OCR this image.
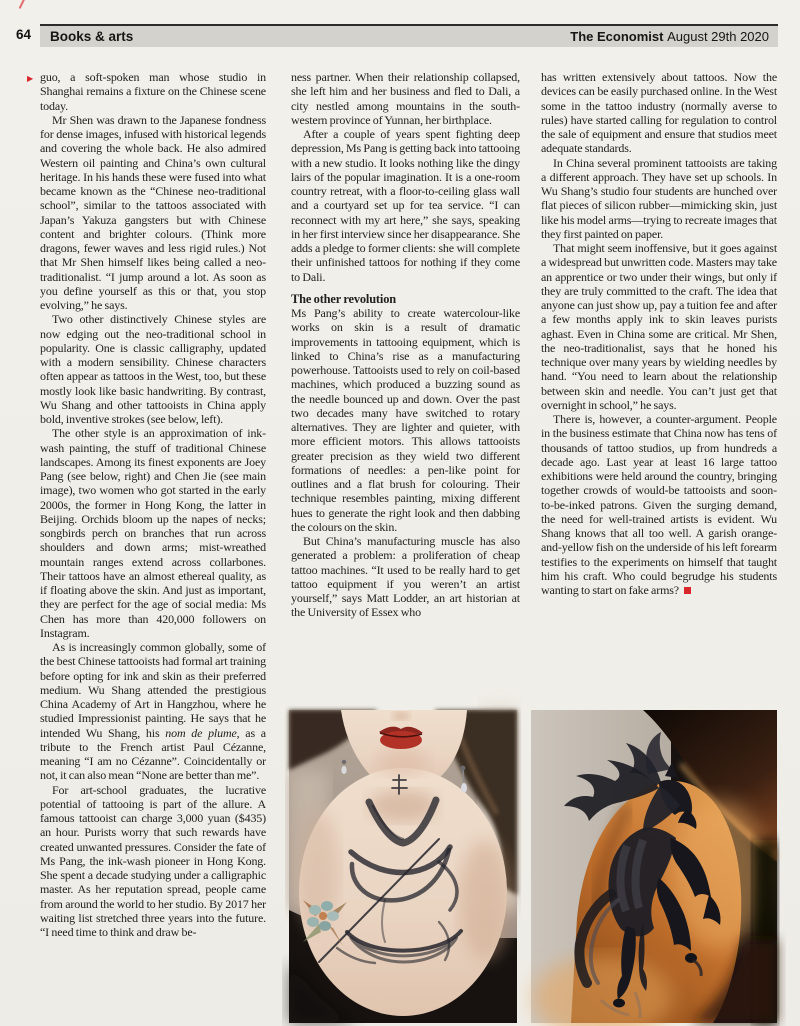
64 Books & arts	The Economist August 29th 2020

▶ guo, a soft-spoken man whose studio in Shanghai remains a fixture on the Chinese scene today.

Mr Shen was drawn to the Japanese fondness for dense images, infused with historical legends and covering the whole back. He also admired Western oil painting and China’s own cultural heritage. In his hands these were fused into what became known as the “Chinese neo-traditional school”, similar to the tattoos associated with Japan’s Yakuza gangsters but with Chinese content and brighter colours. (Think more dragons, fewer waves and less rigid rules.) Not that Mr Shen himself likes being called a neo-traditionalist. “I jump around a lot. As soon as you define yourself as this or that, you stop evolving,” he says.

Two other distinctively Chinese styles are now edging out the neo-traditional school in popularity. One is classic calligraphy, updated with a modern sensibility. Chinese characters often appear as tattoos in the West, too, but these mostly look like basic handwriting. By contrast, Wu Shang and other tattooists in China apply bold, inventive strokes (see below, left).

The other style is an approximation of ink-wash painting, the stuff of traditional Chinese landscapes. Among its finest exponents are Joey Pang (see below, right) and Chen Jie (see main image), two women who got started in the early 2000s, the former in Hong Kong, the latter in Beijing. Orchids bloom up the napes of necks; songbirds perch on branches that run across shoulders and down arms; mist-wreathed mountain ranges extend across collarbones. Their tattoos have an almost ethereal quality, as if floating above the skin. And just as important, they are perfect for the age of social media: Ms Chen has more than 420,000 followers on Instagram.

As is increasingly common globally, some of the best Chinese tattooists had formal art training before opting for ink and skin as their preferred medium. Wu Shang attended the prestigious China Academy of Art in Hangzhou, where he studied Impressionist painting. He says that he intended Wu Shang, his nom de plume, as a tribute to the French artist Paul Cézanne, meaning “I am no Cézanne”. Coincidentally or not, it can also mean “None are better than me”.

For art-school graduates, the lucrative potential of tattooing is part of the allure. A famous tattooist can charge 3,000 yuan ($435) an hour. Purists worry that such rewards have created unwanted pressures. Consider the fate of Ms Pang, the ink-wash pioneer in Hong Kong. She spent a decade studying under a calligraphic master. As her reputation spread, people came from around the world to her studio. By 2017 her waiting list stretched three years into the future. “I need time to think and draw be-

ness partner. When their relationship collapsed, she left him and her business and fled to Dali, a city nestled among mountains in the south-western province of Yunnan, her birthplace.

After a couple of years spent fighting deep depression, Ms Pang is getting back into tattooing with a new studio. It looks nothing like the dingy lairs of the popular imagination. It is a one-room country retreat, with a floor-to-ceiling glass wall and a courtyard set up for tea service. “I can reconnect with my art here,” she says, speaking in her first interview since her disappearance. She adds a pledge to former clients: she will complete their unfinished tattoos for nothing if they come to Dali.

The other revolution

Ms Pang’s ability to create watercolour-like works on skin is a result of dramatic improvements in tattooing equipment, which is linked to China’s rise as a manufacturing powerhouse. Tattooists used to rely on coil-based machines, which produced a buzzing sound as the needle bounced up and down. Over the past two decades many have switched to rotary alternatives. They are lighter and quieter, with more efficient motors. This allows tattooists greater precision as they wield two different formations of needles: a pen-like point for outlines and a flat brush for colouring. Their technique resembles painting, mixing different hues to generate the right look and then dabbing the colours on the skin.

But China’s manufacturing muscle has also generated a problem: a proliferation of cheap tattoo machines. “It used to be really hard to get tattoo equipment if you weren’t an artist yourself,” says Matt Lodder, an art historian at the University of Essex who

has written extensively about tattoos. Now the devices can be easily purchased online. In the West some in the tattoo industry (normally averse to rules) have started calling for regulation to control the sale of equipment and ensure that studios meet adequate standards.

In China several prominent tattooists are taking a different approach. They have set up schools. In Wu Shang’s studio four students are hunched over flat pieces of silicon rubber—mimicking skin, just like his model arms—trying to recreate images that they first painted on paper.

That might seem inoffensive, but it goes against a widespread but unwritten code. Masters may take an apprentice or two under their wings, but only if they are truly committed to the craft. The idea that anyone can just show up, pay a tuition fee and after a few months apply ink to skin leaves purists aghast. Even in China some are critical. Mr Shen, the neo-traditionalist, says that he honed his technique over many years by wielding needles by hand. “You need to learn about the relationship between skin and needle. You can’t just get that overnight in school,” he says.

There is, however, a counter-argument. People in the business estimate that China now has tens of thousands of tattoo studios, up from hundreds a decade ago. Last year at least 16 large tattoo exhibitions were held around the country, bringing together crowds of would-be tattooists and soon-to-be-inked patrons. Given the surging demand, the need for well-trained artists is evident. Wu Shang knows that all too well. A garish orange-and-yellow fish on the underside of his left forearm testifies to the experiments on himself that taught him his craft. Who could begrudge his students wanting to start on fake arms?
